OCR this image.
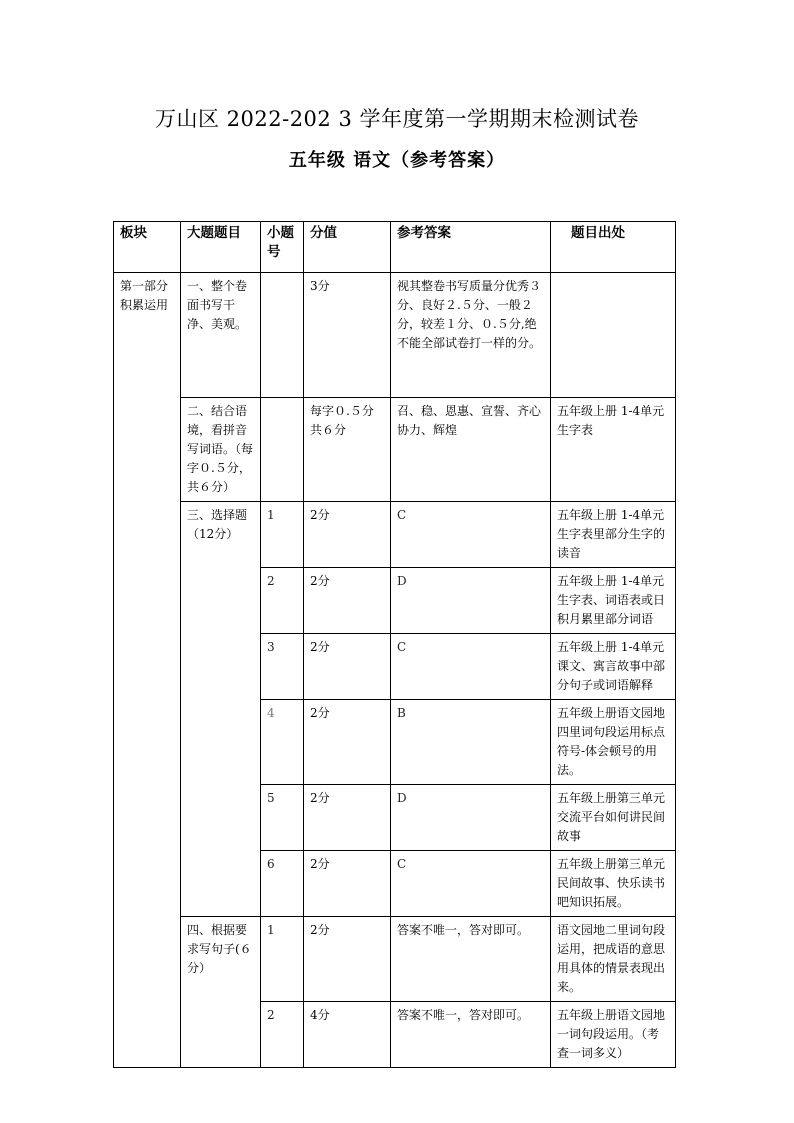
万山区 2022-202 3 学年度第一学期期末检测试卷
五年级 语文（参考答案）
板块	大题题目	小题号	分值	参考答案	题目出处
第一部分积累运用	一、整个卷面书写干净、美观。		3分	视其整卷书写质量分优秀３分、良好２.５分、一般２分，较差１分、０.５分,绝不能全部试卷打一样的分。	
	二、结合语境，看拼音写词语。（每字０.５分，共６分）		每字０.５分共６分	召、稳、恩惠、宣誓、齐心协力、辉煌	五年级上册 1-4单元生字表
	三、选择题（12分）	1	2分	C	五年级上册 1-4单元生字表里部分生字的读音
		2	2分	D	五年级上册 1-4单元生字表、词语表或日积月累里部分词语
		3	2分	C	五年级上册 1-4单元课文、寓言故事中部分句子或词语解释
		4	2分	B	五年级上册语文园地四里词句段运用标点符号-体会顿号的用法。
		5	2分	D	五年级上册第三单元交流平台如何讲民间故事
		6	2分	C	五年级上册第三单元民间故事、快乐读书吧知识拓展。
	四、根据要求写句子(６分）	1	2分	答案不唯一，答对即可。	语文园地二里词句段运用，把成语的意思用具体的情景表现出来。
		2	4分	答案不唯一，答对即可。	五年级上册语文园地一词句段运用。（考查一词多义）
